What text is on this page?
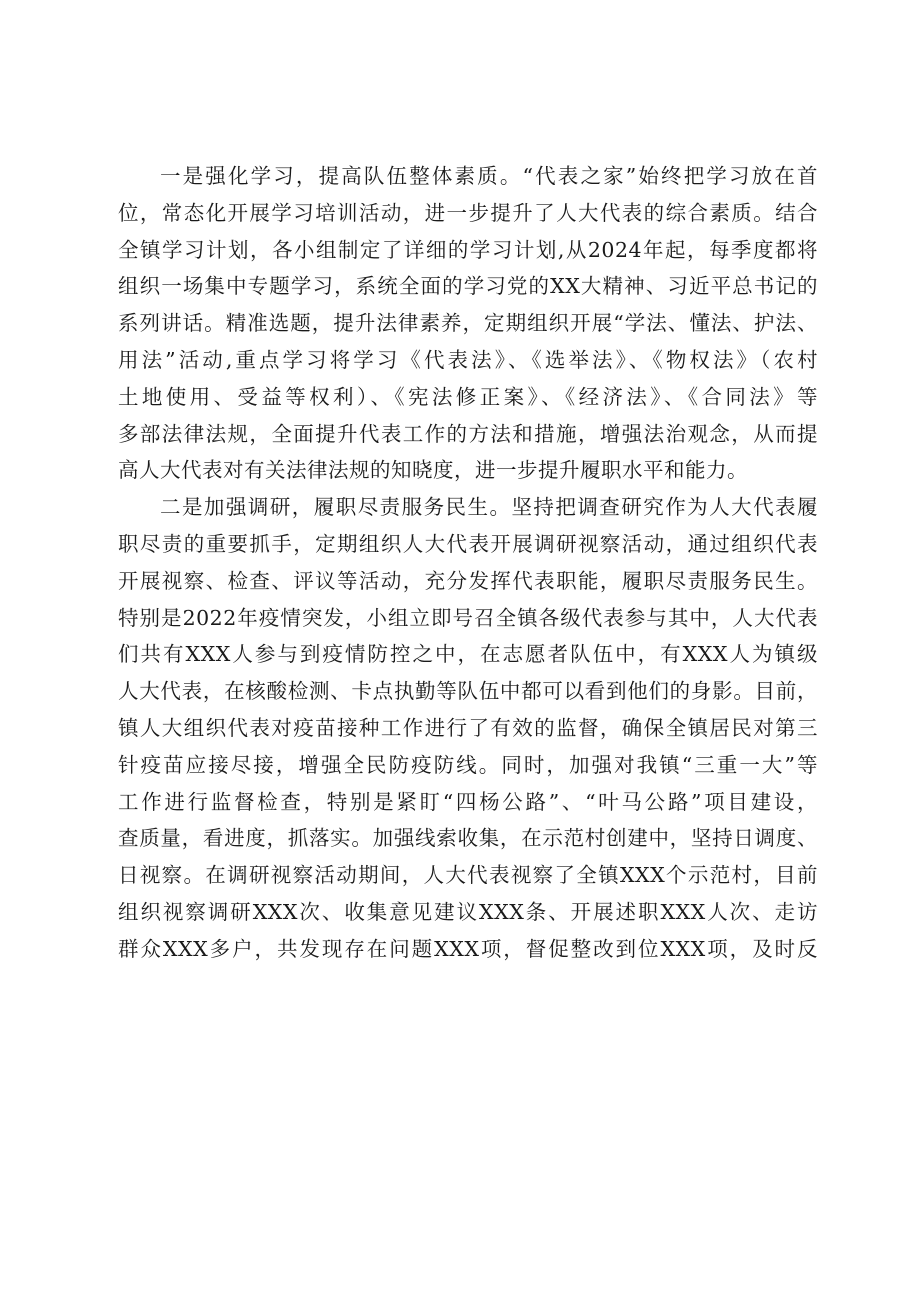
一是强化学习，提高队伍整体素质。“代表之家”始终把学习放在首
位，常态化开展学习培训活动，进一步提升了人大代表的综合素质。结合
全镇学习计划，各小组制定了详细的学习计划,从2024年起，每季度都将
组织一场集中专题学习，系统全面的学习党的XX大精神、习近平总书记的
系列讲话。精准选题，提升法律素养，定期组织开展“学法、懂法、护法、
用法”活动,重点学习将学习《代表法》、《选举法》、《物权法》（农村
土地使用、受益等权利）、《宪法修正案》、《经济法》、《合同法》等
多部法律法规，全面提升代表工作的方法和措施，增强法治观念，从而提
高人大代表对有关法律法规的知晓度，进一步提升履职水平和能力。
二是加强调研，履职尽责服务民生。坚持把调查研究作为人大代表履
职尽责的重要抓手，定期组织人大代表开展调研视察活动，通过组织代表
开展视察、检查、评议等活动，充分发挥代表职能，履职尽责服务民生。
特别是2022年疫情突发，小组立即号召全镇各级代表参与其中，人大代表
们共有XXX人参与到疫情防控之中，在志愿者队伍中，有XXX人为镇级
人大代表，在核酸检测、卡点执勤等队伍中都可以看到他们的身影。目前，
镇人大组织代表对疫苗接种工作进行了有效的监督，确保全镇居民对第三
针疫苗应接尽接，增强全民防疫防线。同时，加强对我镇“三重一大”等
工作进行监督检查，特别是紧盯“四杨公路”、“叶马公路”项目建设，
查质量，看进度，抓落实。加强线索收集，在示范村创建中，坚持日调度、
日视察。在调研视察活动期间，人大代表视察了全镇XXX个示范村，目前
组织视察调研XXX次、收集意见建议XXX条、开展述职XXX人次、走访
群众XXX多户，共发现存在问题XXX项，督促整改到位XXX项，及时反
